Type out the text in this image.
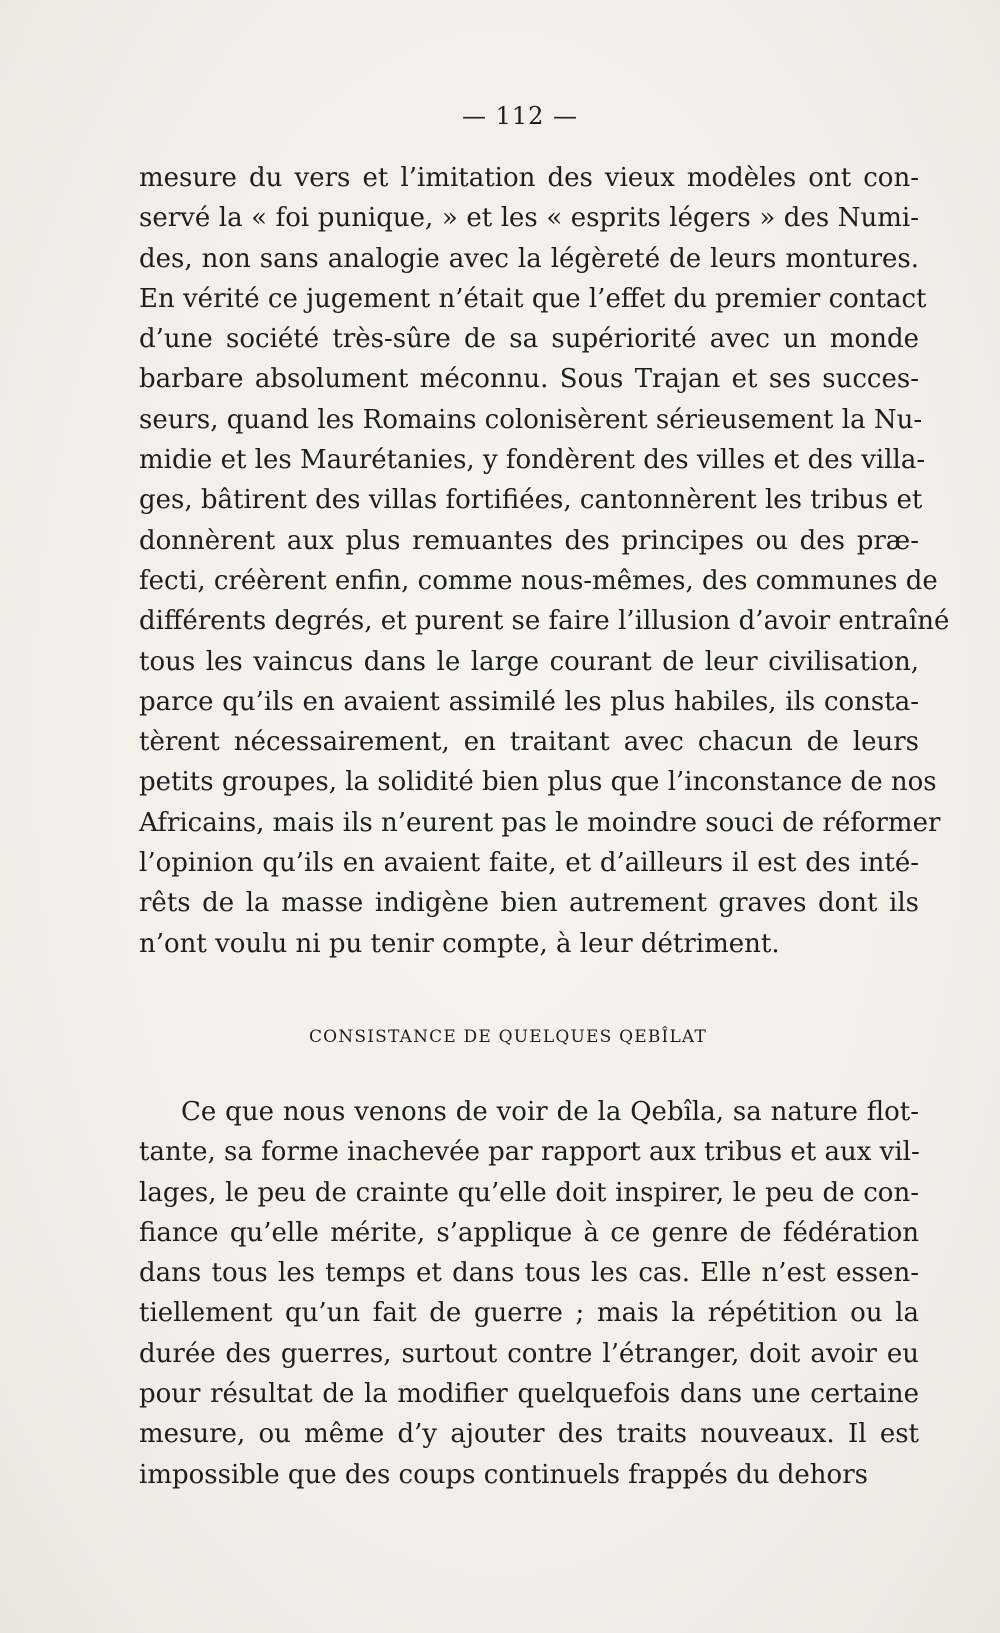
— 112 —
mesure du vers et l’imitation des vieux modèles ont con-
servé la « foi punique, » et les « esprits légers » des Numi-
des, non sans analogie avec la légèreté de leurs montures.
En vérité ce jugement n’était que l’effet du premier contact
d’une société très-sûre de sa supériorité avec un monde
barbare absolument méconnu. Sous Trajan et ses succes-
seurs, quand les Romains colonisèrent sérieusement la Nu-
midie et les Maurétanies, y fondèrent des villes et des villa-
ges, bâtirent des villas fortifiées, cantonnèrent les tribus et
donnèrent aux plus remuantes des principes ou des præ-
fecti, créèrent enfin, comme nous-mêmes, des communes de
différents degrés, et purent se faire l’illusion d’avoir entraîné
tous les vaincus dans le large courant de leur civilisation,
parce qu’ils en avaient assimilé les plus habiles, ils consta-
tèrent nécessairement, en traitant avec chacun de leurs
petits groupes, la solidité bien plus que l’inconstance de nos
Africains, mais ils n’eurent pas le moindre souci de réformer
l’opinion qu’ils en avaient faite, et d’ailleurs il est des inté-
rêts de la masse indigène bien autrement graves dont ils
n’ont voulu ni pu tenir compte, à leur détriment.
CONSISTANCE DE QUELQUES QEBÎLAT
Ce que nous venons de voir de la Qebîla, sa nature flot-
tante, sa forme inachevée par rapport aux tribus et aux vil-
lages, le peu de crainte qu’elle doit inspirer, le peu de con-
fiance qu’elle mérite, s’applique à ce genre de fédération
dans tous les temps et dans tous les cas. Elle n’est essen-
tiellement qu’un fait de guerre ; mais la répétition ou la
durée des guerres, surtout contre l’étranger, doit avoir eu
pour résultat de la modifier quelquefois dans une certaine
mesure, ou même d’y ajouter des traits nouveaux. Il est
impossible que des coups continuels frappés du dehors
